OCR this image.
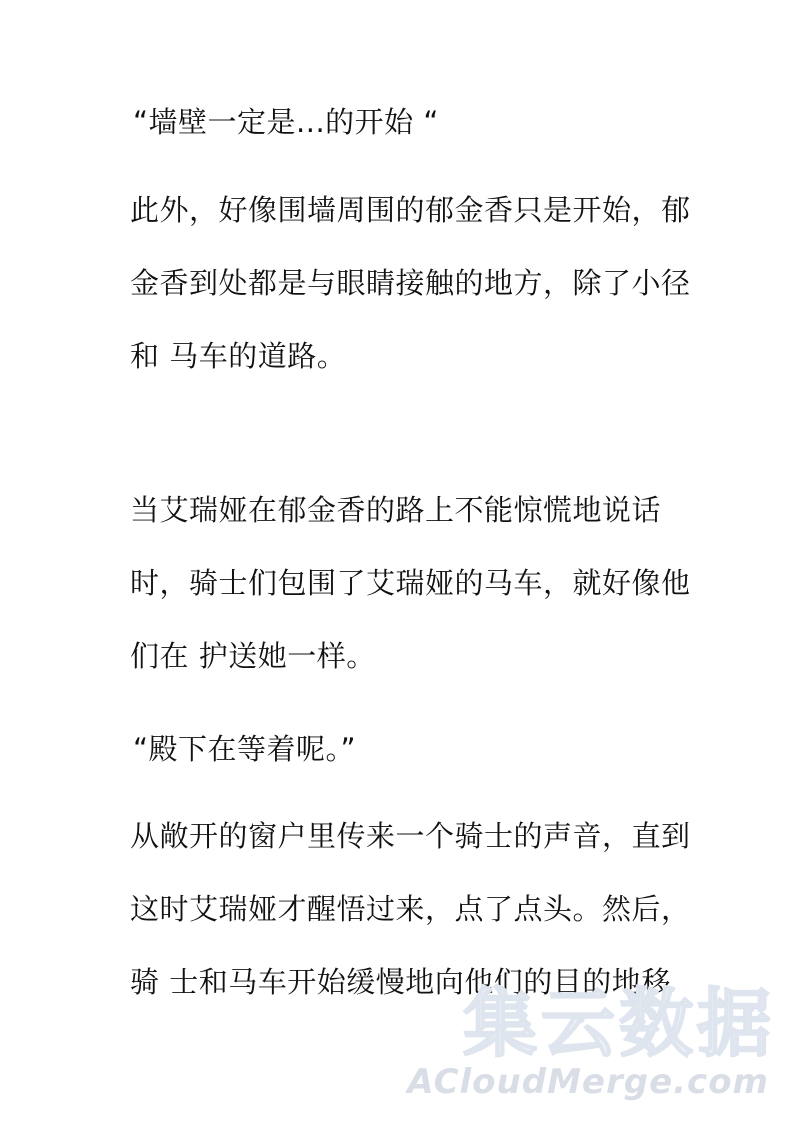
“墙壁一定是...的开始 “
此外，好像围墙周围的郁金香只是开始，郁
金香到处都是与眼睛接触的地方，除了小径
和 马车的道路。
当艾瑞娅在郁金香的路上不能惊慌地说话
时，骑士们包围了艾瑞娅的马车，就好像他
们在 护送她一样。
“殿下在等着呢。”
从敞开的窗户里传来一个骑士的声音，直到
这时艾瑞娅才醒悟过来，点了点头。然后，
骑 士和马车开始缓慢地向他们的目的地移
集云数据
ACloudMerge.com
